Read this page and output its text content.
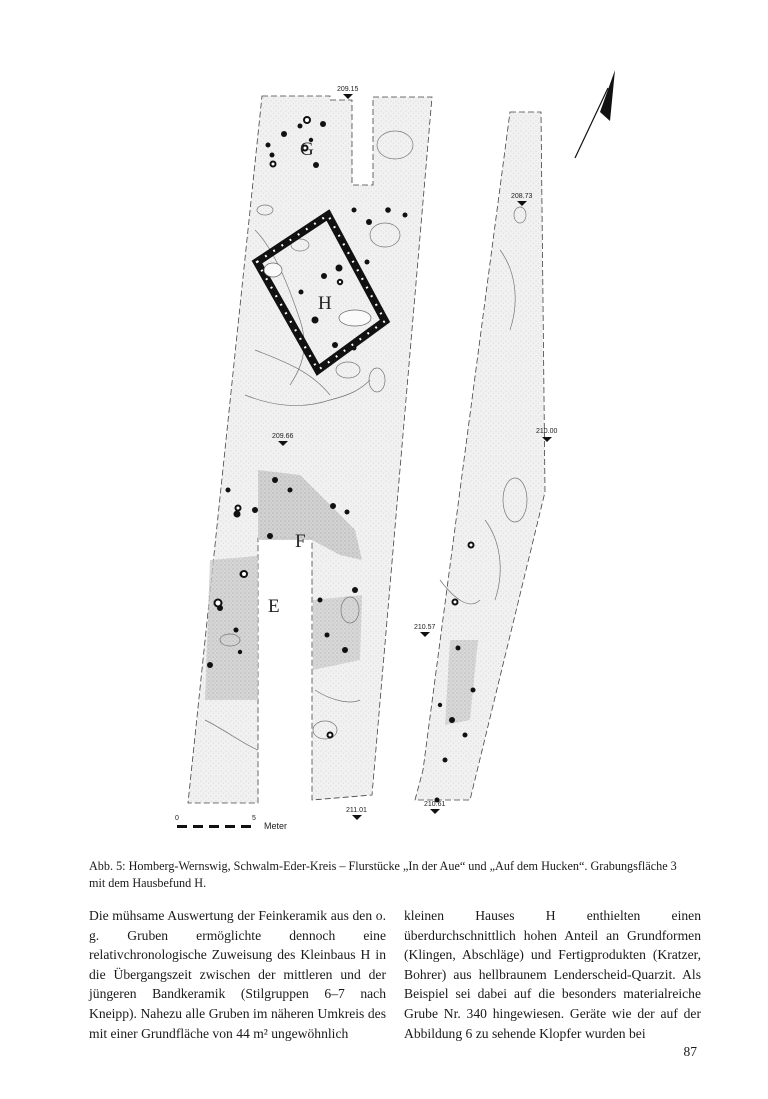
209.15
208.73
209.66
210.00
210.57
210.61
211.01
G
H
F
E
0	5
Meter

Abb. 5: Homberg-Wernswig, Schwalm-Eder-Kreis – Flurstücke „In der Aue“ und „Auf dem Hucken“. Grabungsfläche 3 mit dem Hausbefund H.

Die mühsame Auswertung der Feinkeramik aus den o. g. Gruben ermöglichte dennoch eine relativchronologische Zuweisung des Kleinbaus H in die Übergangszeit zwischen der mittleren und der jüngeren Bandkeramik (Stilgruppen 6–7 nach Kneipp). Nahezu alle Gruben im näheren Umkreis des mit einer Grundfläche von 44 m² ungewöhnlich

kleinen Hauses H enthielten einen überdurchschnittlich hohen Anteil an Grundformen (Klingen, Abschläge) und Fertigprodukten (Kratzer, Bohrer) aus hellbraunem Lenderscheid-Quarzit. Als Beispiel sei dabei auf die besonders materialreiche Grube Nr. 340 hingewiesen. Geräte wie der auf der Abbildung 6 zu sehende Klopfer wurden bei

87
